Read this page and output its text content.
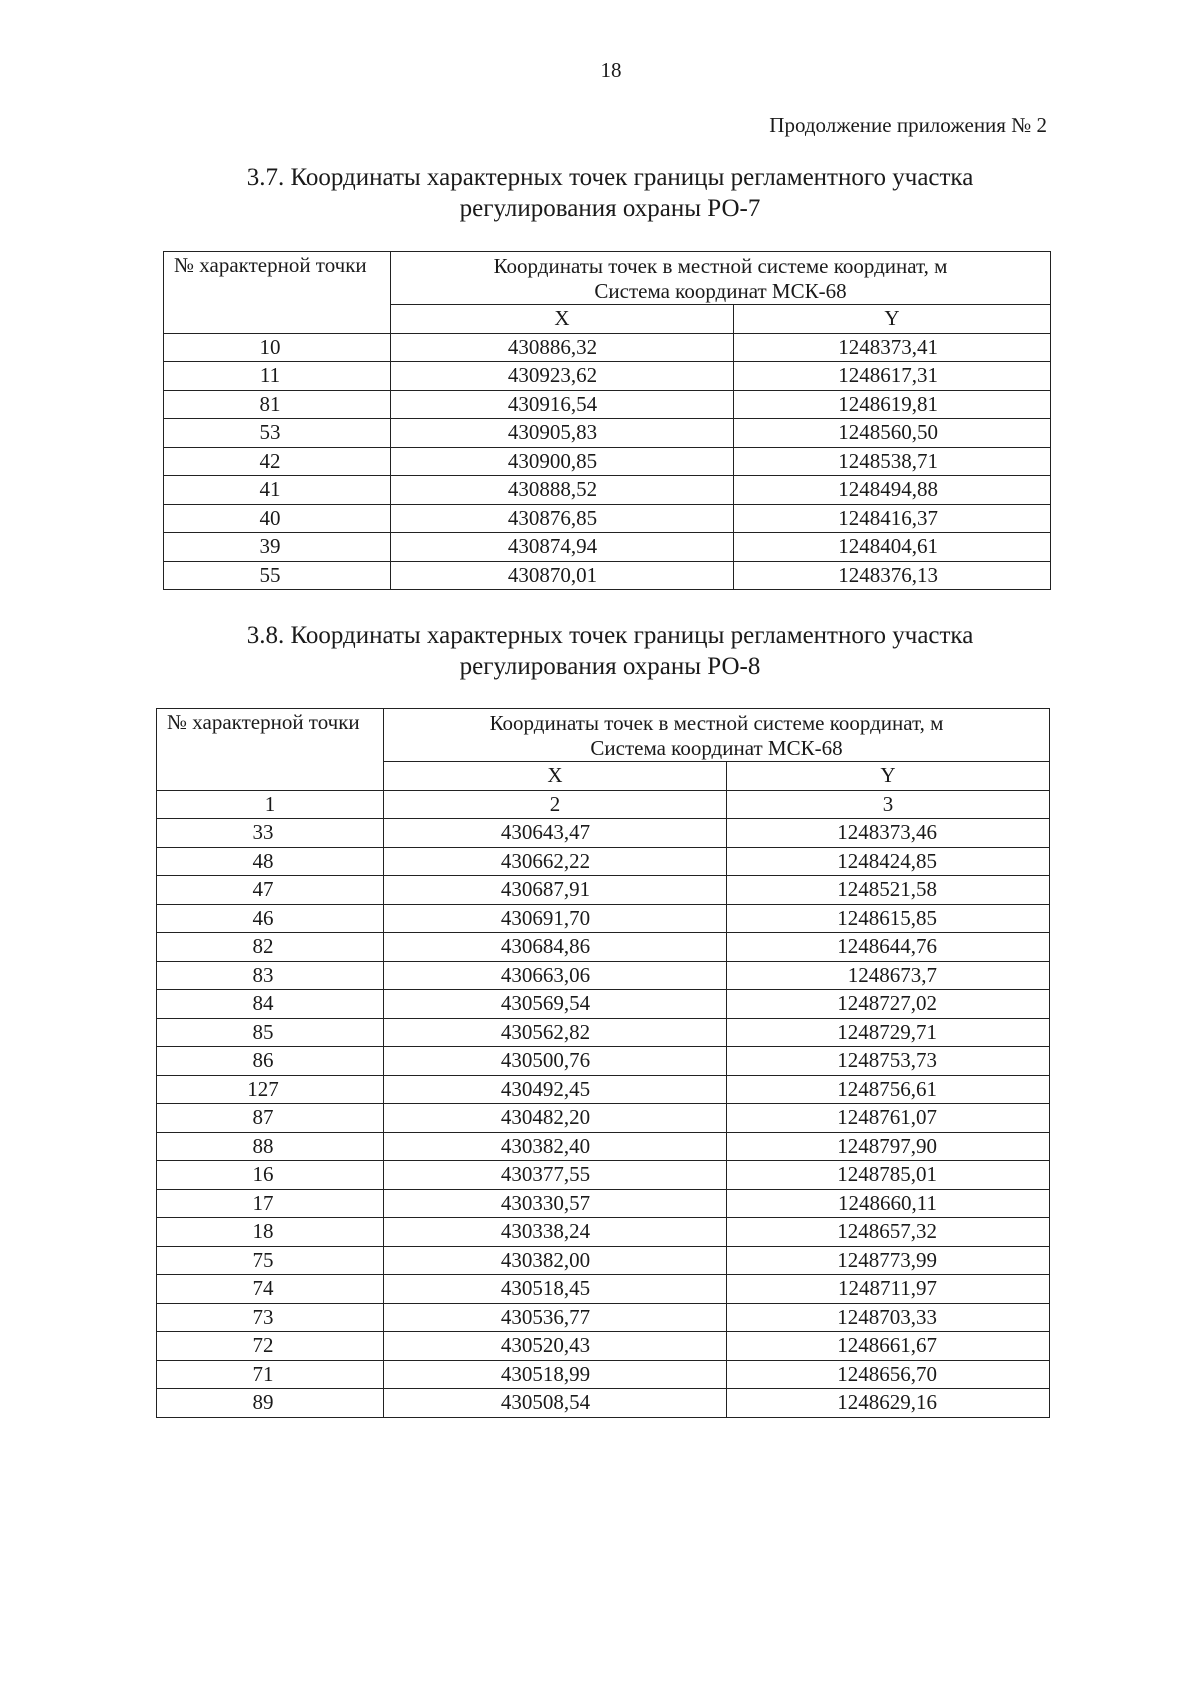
18
Продолжение приложения № 2
3.7. Координаты характерных точек границы регламентного участка
регулирования охраны РО-7
№ характерной точки	Координаты точек в местной системе координат, м
Система координат МСК-68	

	X	Y
10	430886,32	1248373,41
11	430923,62	1248617,31
81	430916,54	1248619,81
53	430905,83	1248560,50
42	430900,85	1248538,71
41	430888,52	1248494,88
40	430876,85	1248416,37
39	430874,94	1248404,61
55	430870,01	1248376,13
3.8. Координаты характерных точек границы регламентного участка
регулирования охраны РО-8
№ характерной точки	Координаты точек в местной системе координат, м
Система координат МСК-68	

	X	Y
1	2	3
33	430643,47	1248373,46
48	430662,22	1248424,85
47	430687,91	1248521,58
46	430691,70	1248615,85
82	430684,86	1248644,76
83	430663,06	1248673,7
84	430569,54	1248727,02
85	430562,82	1248729,71
86	430500,76	1248753,73
127	430492,45	1248756,61
87	430482,20	1248761,07
88	430382,40	1248797,90
16	430377,55	1248785,01
17	430330,57	1248660,11
18	430338,24	1248657,32
75	430382,00	1248773,99
74	430518,45	1248711,97
73	430536,77	1248703,33
72	430520,43	1248661,67
71	430518,99	1248656,70
89	430508,54	1248629,16
